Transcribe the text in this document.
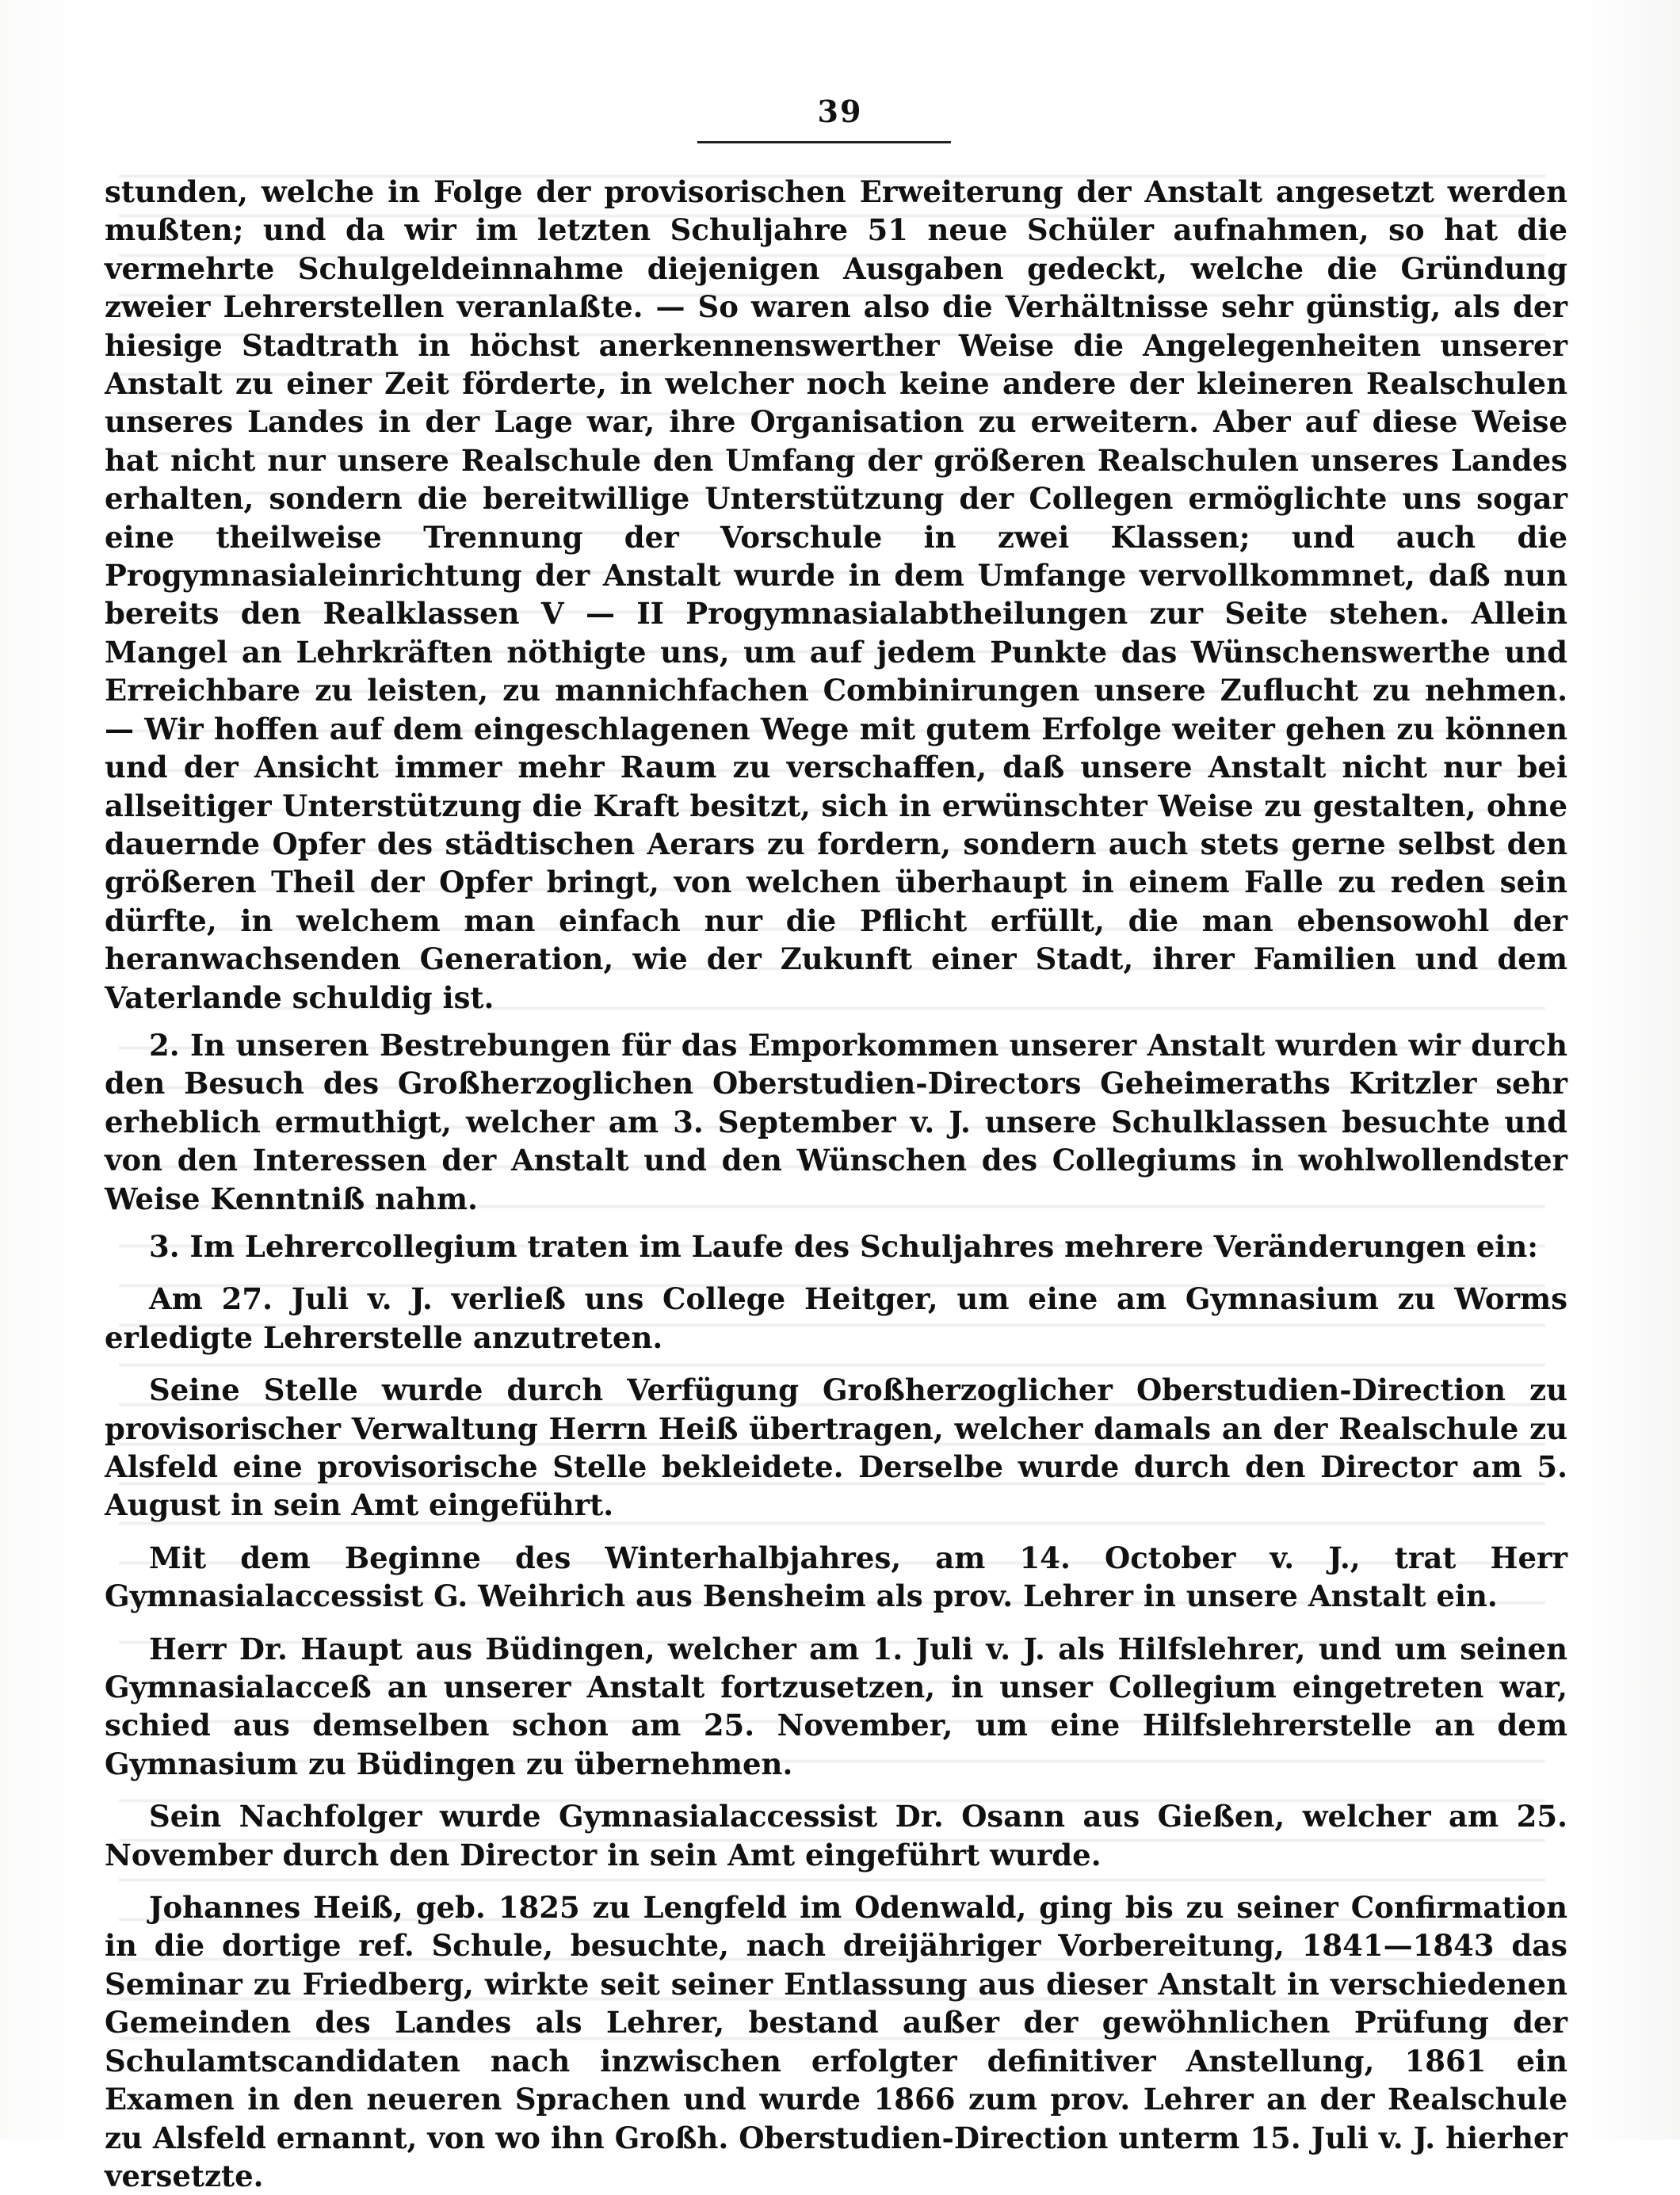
39

stunden, welche in Folge der provisorischen Erweiterung der Anstalt angesetzt werden mußten; und da wir im letzten Schuljahre 51 neue Schüler aufnahmen, so hat die vermehrte Schulgeldeinnahme diejenigen Ausgaben gedeckt, welche die Gründung zweier Lehrerstellen veranlaßte. — So waren also die Verhältnisse sehr günstig, als der hiesige Stadtrath in höchst anerkennenswerther Weise die Angelegenheiten unserer Anstalt zu einer Zeit förderte, in welcher noch keine andere der kleineren Realschulen unseres Landes in der Lage war, ihre Organisation zu erweitern. Aber auf diese Weise hat nicht nur unsere Realschule den Umfang der größeren Realschulen unseres Landes erhalten, sondern die bereitwillige Unterstützung der Collegen ermöglichte uns sogar eine theilweise Trennung der Vorschule in zwei Klassen; und auch die Progymnasialeinrichtung der Anstalt wurde in dem Umfange vervollkommnet, daß nun bereits den Realklassen V — II Progymnasialabtheilungen zur Seite stehen. Allein Mangel an Lehrkräften nöthigte uns, um auf jedem Punkte das Wünschenswerthe und Erreichbare zu leisten, zu mannichfachen Combinirungen unsere Zuflucht zu nehmen. — Wir hoffen auf dem eingeschlagenen Wege mit gutem Erfolge weiter gehen zu können und der Ansicht immer mehr Raum zu verschaffen, daß unsere Anstalt nicht nur bei allseitiger Unterstützung die Kraft besitzt, sich in erwünschter Weise zu gestalten, ohne dauernde Opfer des städtischen Aerars zu fordern, sondern auch stets gerne selbst den größeren Theil der Opfer bringt, von welchen überhaupt in einem Falle zu reden sein dürfte, in welchem man einfach nur die Pflicht erfüllt, die man ebensowohl der heranwachsenden Generation, wie der Zukunft einer Stadt, ihrer Familien und dem Vaterlande schuldig ist.

2. In unseren Bestrebungen für das Emporkommen unserer Anstalt wurden wir durch den Besuch des Großherzoglichen Oberstudien-Directors Geheimeraths Kritzler sehr erheblich ermuthigt, welcher am 3. September v. J. unsere Schulklassen besuchte und von den Interessen der Anstalt und den Wünschen des Collegiums in wohlwollendster Weise Kenntniß nahm.

3. Im Lehrercollegium traten im Laufe des Schuljahres mehrere Veränderungen ein:

Am 27. Juli v. J. verließ uns College Heitger, um eine am Gymnasium zu Worms erledigte Lehrerstelle anzutreten.

Seine Stelle wurde durch Verfügung Großherzoglicher Oberstudien-Direction zu provisorischer Verwaltung Herrn Heiß übertragen, welcher damals an der Realschule zu Alsfeld eine provisorische Stelle bekleidete. Derselbe wurde durch den Director am 5. August in sein Amt eingeführt.

Mit dem Beginne des Winterhalbjahres, am 14. October v. J., trat Herr Gymnasialaccessist G. Weihrich aus Bensheim als prov. Lehrer in unsere Anstalt ein.

Herr Dr. Haupt aus Büdingen, welcher am 1. Juli v. J. als Hilfslehrer, und um seinen Gymnasialacceß an unserer Anstalt fortzusetzen, in unser Collegium eingetreten war, schied aus demselben schon am 25. November, um eine Hilfslehrerstelle an dem Gymnasium zu Büdingen zu übernehmen.

Sein Nachfolger wurde Gymnasialaccessist Dr. Osann aus Gießen, welcher am 25. November durch den Director in sein Amt eingeführt wurde.

Johannes Heiß, geb. 1825 zu Lengfeld im Odenwald, ging bis zu seiner Confirmation in die dortige ref. Schule, besuchte, nach dreijähriger Vorbereitung, 1841—1843 das Seminar zu Friedberg, wirkte seit seiner Entlassung aus dieser Anstalt in verschiedenen Gemeinden des Landes als Lehrer, bestand außer der gewöhnlichen Prüfung der Schulamtscandidaten nach inzwischen erfolgter definitiver Anstellung, 1861 ein Examen in den neueren Sprachen und wurde 1866 zum prov. Lehrer an der Realschule zu Alsfeld ernannt, von wo ihn Großh. Oberstudien-Direction unterm 15. Juli v. J. hierher versetzte.
